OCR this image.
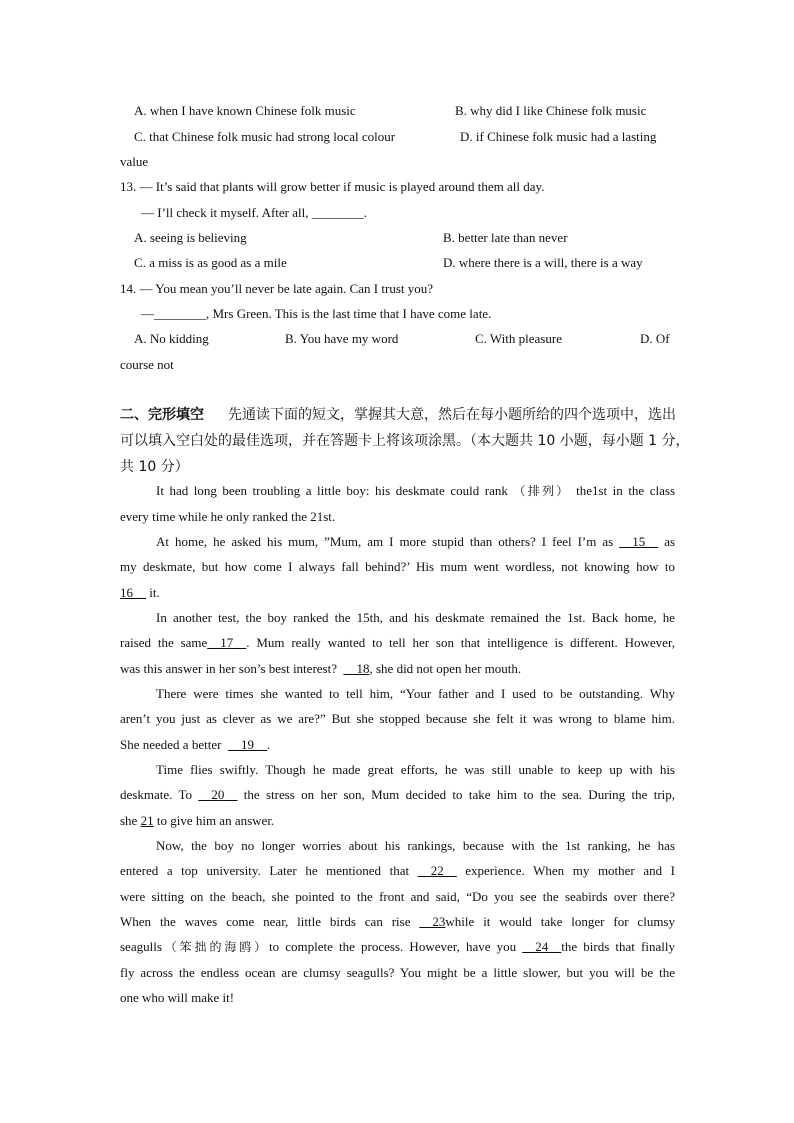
A. when I have known Chinese folk music	B. why did I like Chinese folk music
C. that Chinese folk music had strong local colour	D. if Chinese folk music had a lasting
value
13. — It’s said that plants will grow better if music is played around them all day.
— I’ll check it myself. After all, ________.
A. seeing is believing	B. better late than never
C. a miss is as good as a mile	D. where there is a will, there is a way
14. — You mean you’ll never be late again. Can I trust you?
—________, Mrs Green. This is the last time that I have come late.
A. No kidding	B. You have my word	C. With pleasure	D. Of
course not
二、完形填空 先通读下面的短文，掌握其大意，然后在每小题所给的四个选项中，选出
可以填入空白处的最佳选项，并在答题卡上将该项涂黑。（本大题共 10 小题，每小题 1 分，
共 10 分）
It had long been troubling a little boy: his deskmate could rank （排列） the1st in the class
every time while he only ranked the 21st.
At home, he asked his mum, ”Mum, am I more stupid than others? I feel I’m as __15__ as
my deskmate, but how come I always fall behind?’ His mum went wordless, not knowing how to
16__ it.
In another test, the boy ranked the 15th, and his deskmate remained the 1st. Back home, he
raised the same__17__. Mum really wanted to tell her son that intelligence is different. However,
was this answer in her son’s best interest? __18, she did not open her mouth.
There were times she wanted to tell him, “Your father and I used to be outstanding. Why
aren’t you just as clever as we are?” But she stopped because she felt it was wrong to blame him.
She needed a better __19__.
Time flies swiftly. Though he made great efforts, he was still unable to keep up with his
deskmate. To __20__ the stress on her son, Mum decided to take him to the sea. During the trip,
she 21 to give him an answer.
Now, the boy no longer worries about his rankings, because with the 1st ranking, he has
entered a top university. Later he mentioned that __22__ experience. When my mother and I
were sitting on the beach, she pointed to the front and said, “Do you see the seabirds over there?
When the waves come near, little birds can rise __23while it would take longer for clumsy
seagulls（笨拙的海鸥）to complete the process. However, have you __24__the birds that finally
fly across the endless ocean are clumsy seagulls? You might be a little slower, but you will be the
one who will make it!
